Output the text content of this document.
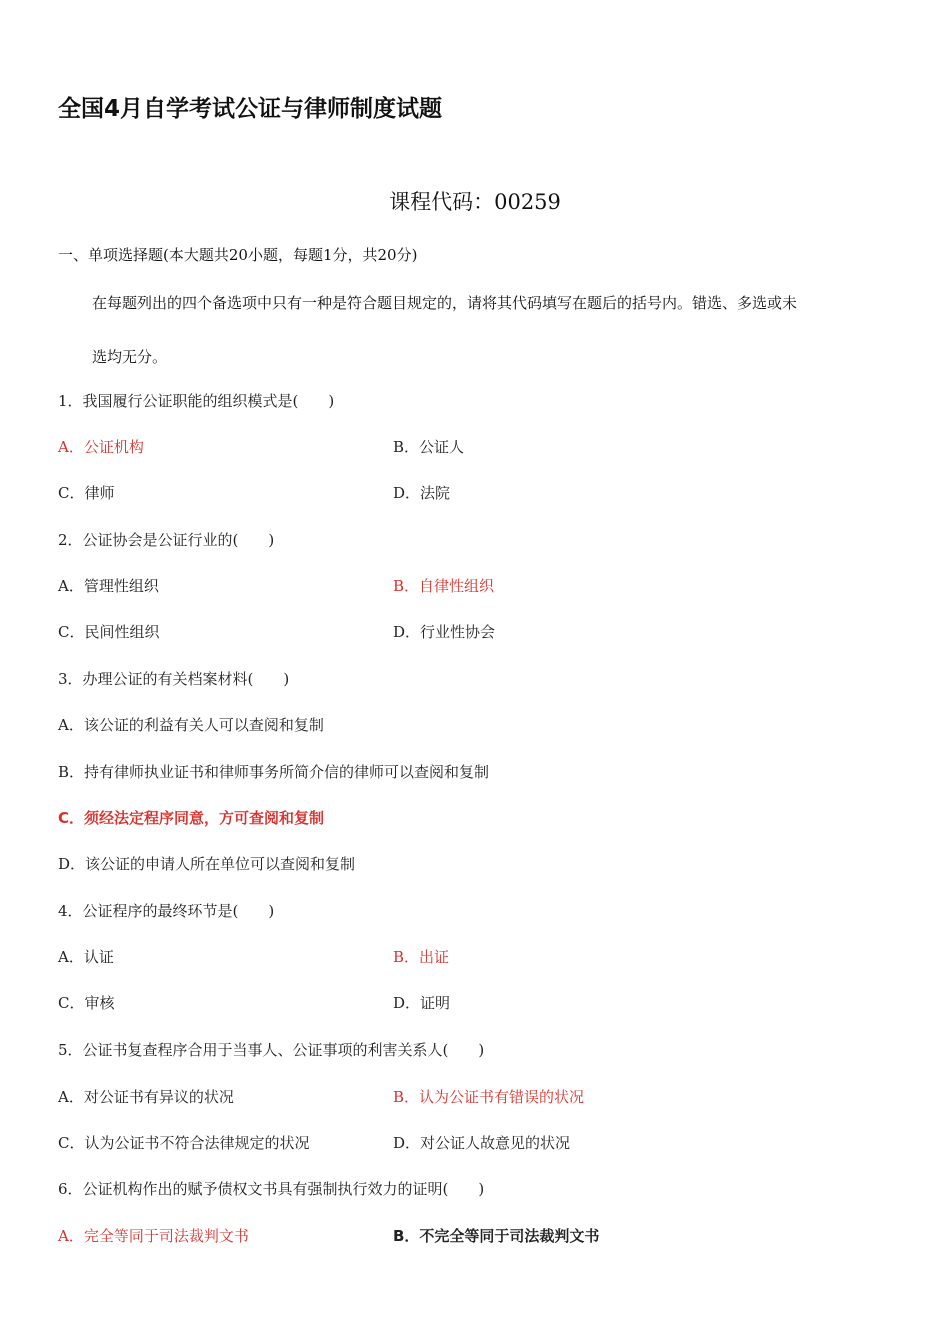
全国4月自学考试公证与律师制度试题
课程代码：00259
一、单项选择题(本大题共20小题，每题1分，共20分)
在每题列出的四个备选项中只有一种是符合题目规定的，请将其代码填写在题后的括号内。错选、多选或未
选均无分。
1．我国履行公证职能的组织模式是(　　)
A．公证机构	B．公证人
C．律师	D．法院
2．公证协会是公证行业的(　　)
A．管理性组织	B．自律性组织
C．民间性组织	D．行业性协会
3．办理公证的有关档案材料(　　)
A．该公证的利益有关人可以查阅和复制
B．持有律师执业证书和律师事务所简介信的律师可以查阅和复制
C．须经法定程序同意，方可查阅和复制
D．该公证的申请人所在单位可以查阅和复制
4．公证程序的最终环节是(　　)
A．认证	B．出证
C．审核	D．证明
5．公证书复查程序合用于当事人、公证事项的利害关系人(　　)
A．对公证书有异议的状况	B．认为公证书有错误的状况
C．认为公证书不符合法律规定的状况	D．对公证人故意见的状况
6．公证机构作出的赋予债权文书具有强制执行效力的证明(　　)
A．完全等同于司法裁判文书	B．不完全等同于司法裁判文书
